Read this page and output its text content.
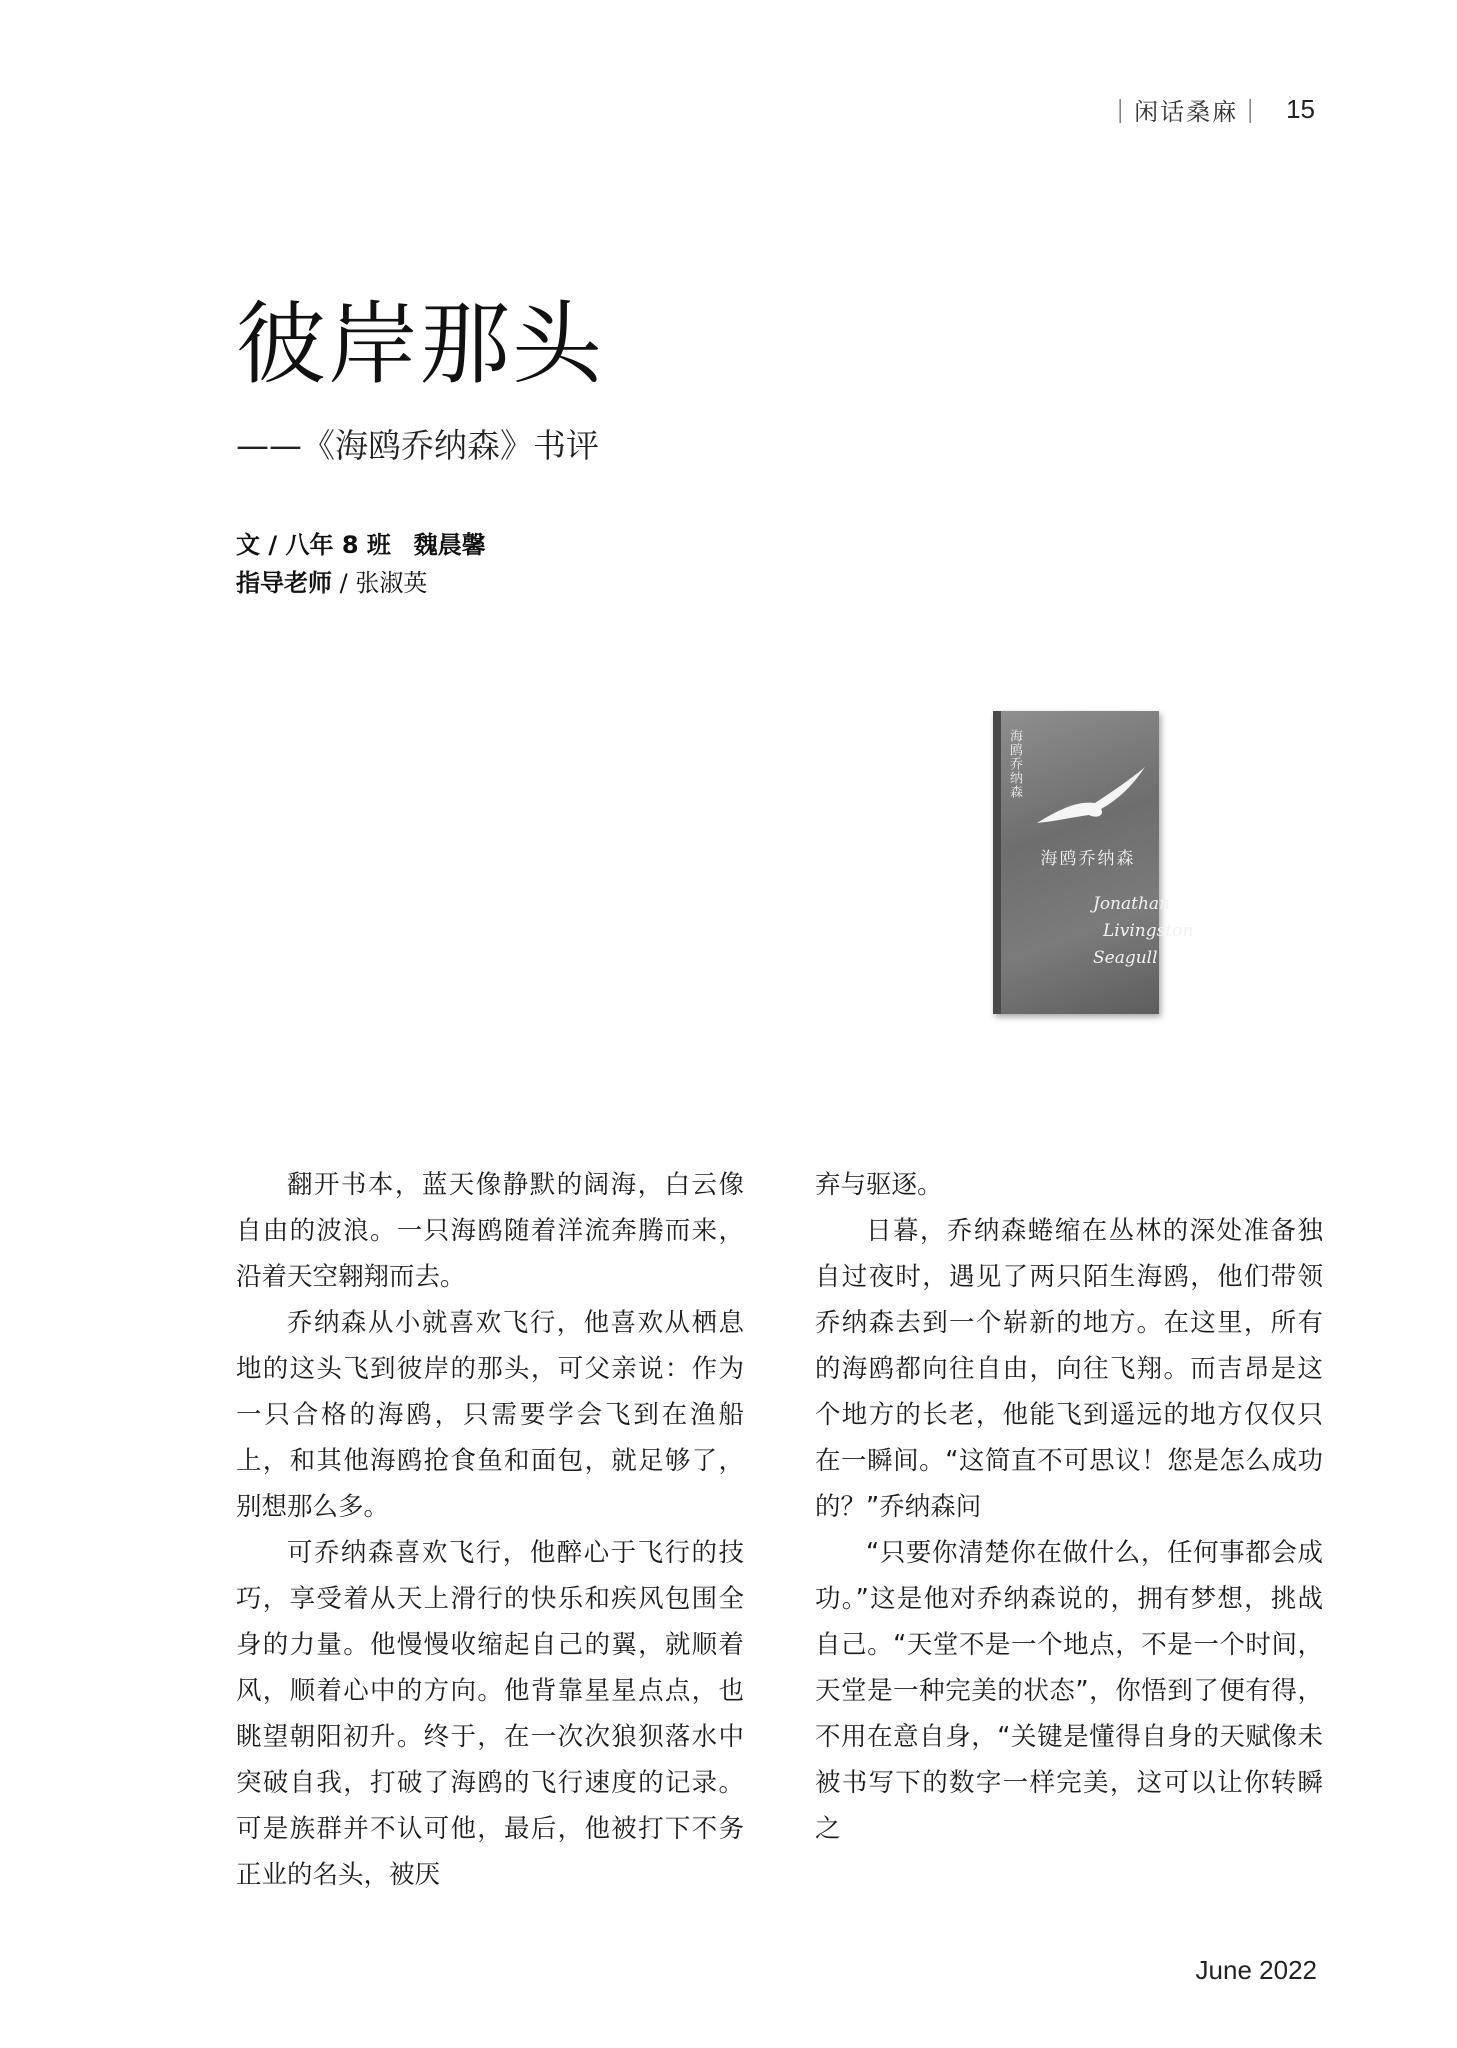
｜闲话桑麻｜ 15
彼岸那头
——《海鸥乔纳森》书评
文 / 八年 8 班 魏晨馨
指导老师 / 张淑英
海鸥乔纳森
海鸥乔纳森
Jonathan
Livingston
Seagull

翻开书本，蓝天像静默的阔海，白云像自由的波浪。一只海鸥随着洋流奔腾而来，沿着天空翱翔而去。

乔纳森从小就喜欢飞行，他喜欢从栖息地的这头飞到彼岸的那头，可父亲说：作为一只合格的海鸥，只需要学会飞到在渔船上，和其他海鸥抢食鱼和面包，就足够了，别想那么多。

可乔纳森喜欢飞行，他醉心于飞行的技巧，享受着从天上滑行的快乐和疾风包围全身的力量。他慢慢收缩起自己的翼，就顺着风，顺着心中的方向。他背靠星星点点，也眺望朝阳初升。终于，在一次次狼狈落水中突破自我，打破了海鸥的飞行速度的记录。可是族群并不认可他，最后，他被打下不务正业的名头，被厌

弃与驱逐。

日暮，乔纳森蜷缩在丛林的深处准备独自过夜时，遇见了两只陌生海鸥，他们带领乔纳森去到一个崭新的地方。在这里，所有的海鸥都向往自由，向往飞翔。而吉昂是这个地方的长老，他能飞到遥远的地方仅仅只在一瞬间。“这简直不可思议！您是怎么成功的？”乔纳森问

“只要你清楚你在做什么，任何事都会成功。”这是他对乔纳森说的，拥有梦想，挑战自己。“天堂不是一个地点，不是一个时间，天堂是一种完美的状态”，你悟到了便有得，不用在意自身，“关键是懂得自身的天赋像未被书写下的数字一样完美，这可以让你转瞬之

June 2022
